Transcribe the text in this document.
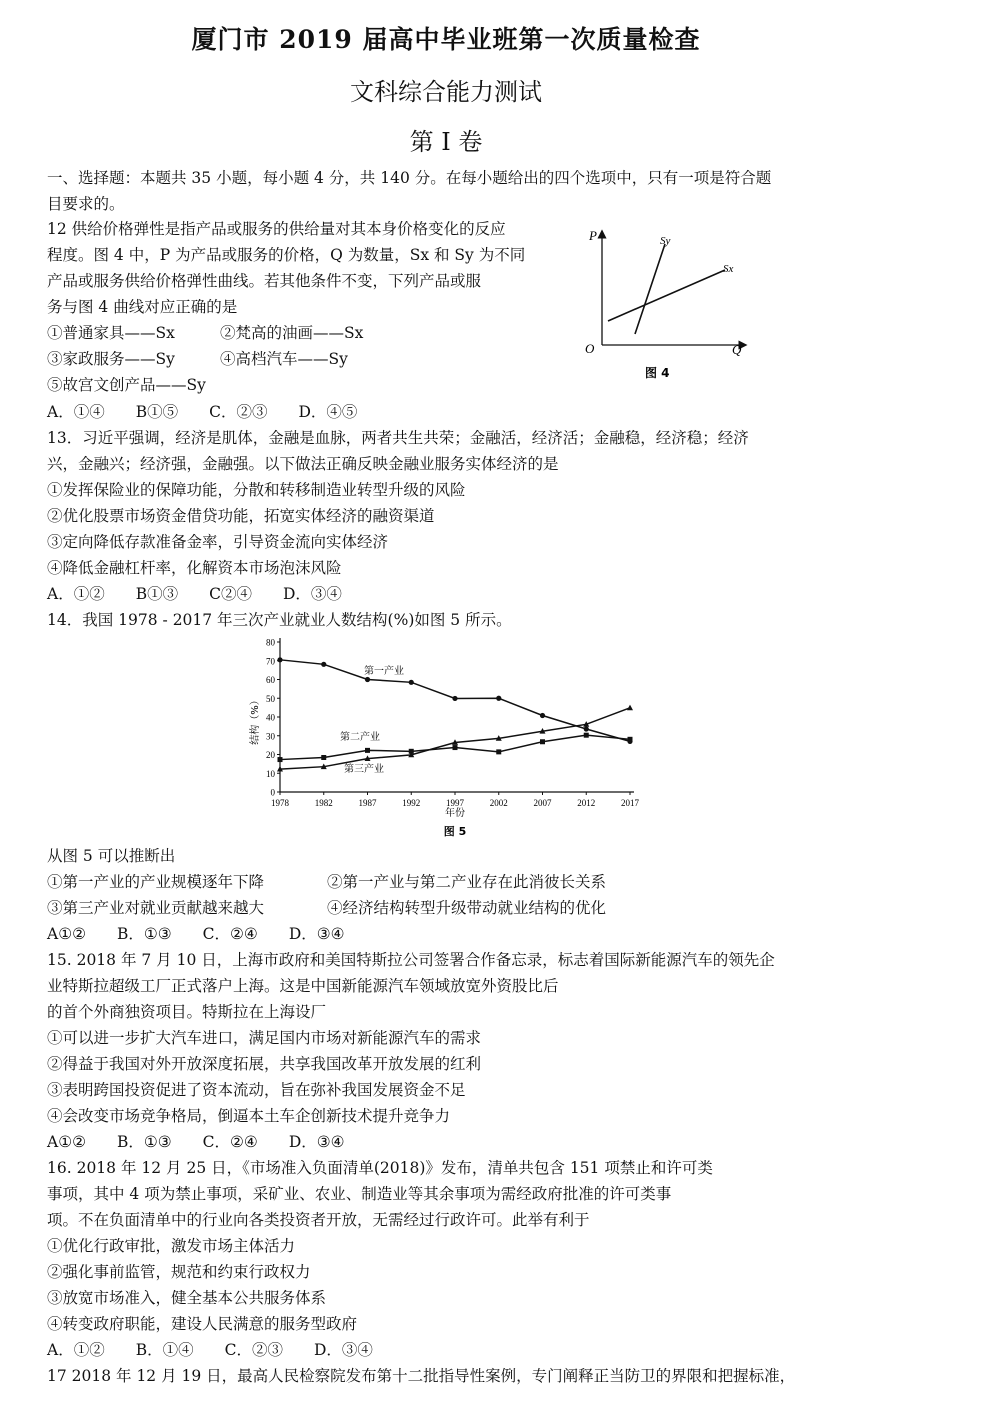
厦门市 2019 届高中毕业班第一次质量检查
文科综合能力测试
第 I 卷
一、选择题：本题共 35 小题，每小题 4 分，共 140 分。在每小题给出的四个选项中，只有一项是符合题
目要求的。
12 供给价格弹性是指产品或服务的供给量对其本身价格变化的反应
程度。图 4 中，P 为产品或服务的价格，Q 为数量，Sx 和 Sy 为不同
产品或服务供给价格弹性曲线。若其他条件不变，下列产品或服
务与图 4 曲线对应正确的是
①普通家具——Sx	②梵高的油画——Sx
③家政服务——Sy	④高档汽车——Sy
⑤故宫文创产品——Sy
A．①④　　B①⑤　　C．②③　　D．④⑤
P
Q
O
Sy
Sx
图 4
13．习近平强调，经济是肌体，金融是血脉，两者共生共荣；金融活，经济活；金融稳，经济稳；经济
兴，金融兴；经济强，金融强。以下做法正确反映金融业服务实体经济的是
①发挥保险业的保障功能，分散和转移制造业转型升级的风险
②优化股票市场资金借贷功能，拓宽实体经济的融资渠道
③定向降低存款准备金率，引导资金流向实体经济
④降低金融杠杆率，化解资本市场泡沫风险
A．①②　　B①③　　C②④　　D．③④
14．我国 1978 - 2017 年三次产业就业人数结构(%)如图 5 所示。
0
10
20
30
40
50
60
70
80
1978	1982	1987	1992	1997	2002	2007	2012	2017
结构（%）
年份
图 5
第一产业
第二产业
第三产业
从图 5 可以推断出
①第一产业的产业规模逐年下降	②第一产业与第二产业存在此消彼长关系
③第三产业对就业贡献越来越大	④经济结构转型升级带动就业结构的优化
A①②　　B．①③　　C．②④　　D．③④
15. 2018 年 7 月 10 日，上海市政府和美国特斯拉公司签署合作备忘录，标志着国际新能源汽车的领先企
业特斯拉超级工厂正式落户上海。这是中国新能源汽车领域放宽外资股比后
的首个外商独资项目。特斯拉在上海设厂
①可以进一步扩大汽车进口，满足国内市场对新能源汽车的需求
②得益于我国对外开放深度拓展，共享我国改革开放发展的红利
③表明跨国投资促进了资本流动，旨在弥补我国发展资金不足
④会改变市场竞争格局，倒逼本土车企创新技术提升竞争力
A①②　　B．①③　　C．②④　　D．③④
16. 2018 年 12 月 25 日，《市场准入负面清单(2018)》发布，清单共包含 151 项禁止和许可类
事项，其中 4 项为禁止事项，采矿业、农业、制造业等其余事项为需经政府批准的许可类事
项。不在负面清单中的行业向各类投资者开放，无需经过行政许可。此举有利于
①优化行政审批，激发市场主体活力
②强化事前监管，规范和约束行政权力
③放宽市场准入，健全基本公共服务体系
④转变政府职能，建设人民满意的服务型政府
A．①②　　B．①④　　C．②③　　D．③④
17 2018 年 12 月 19 日，最高人民检察院发布第十二批指导性案例，专门阐释正当防卫的界限和把握标准，
